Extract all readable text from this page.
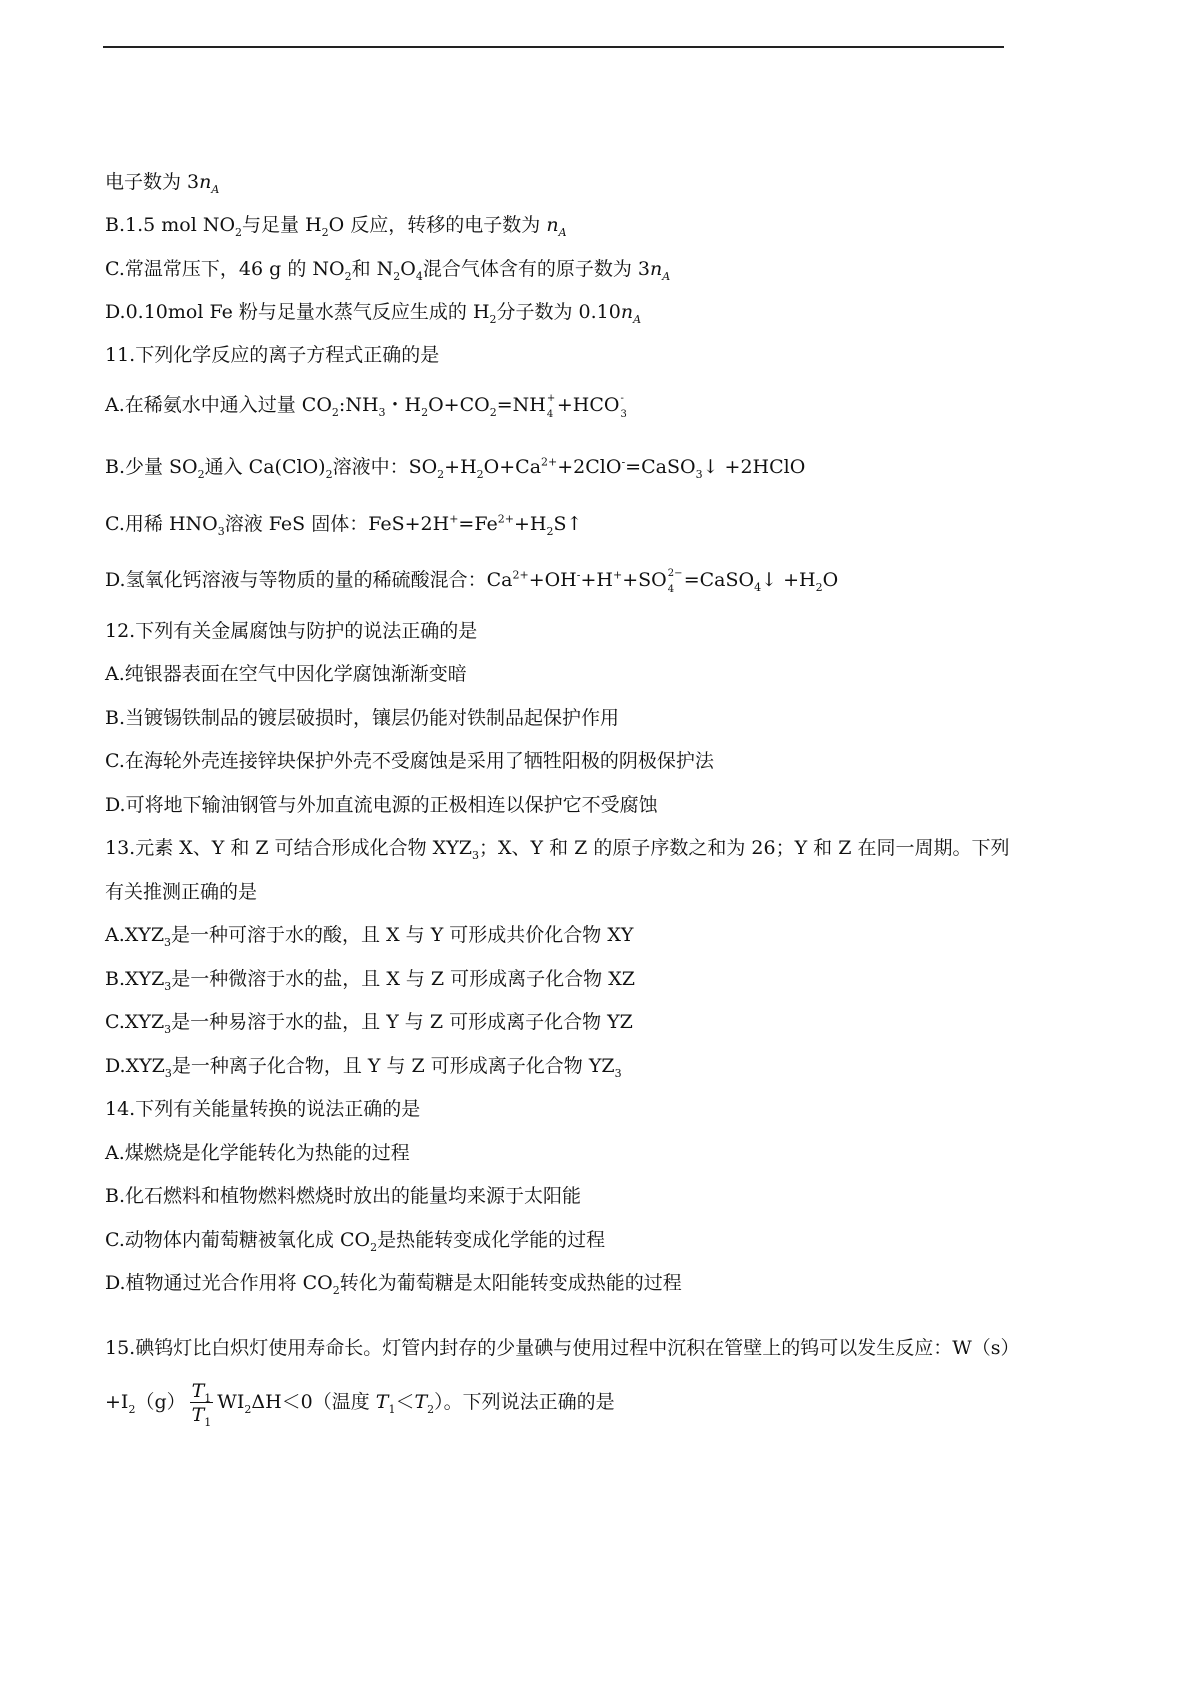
电子数为 $3n_A$
B.1.5 mol $NO_2$与足量 $H_2O$ 反应，转移的电子数为 $n_A$
C.常温常压下，46 g 的 $NO_2$和 $N_2O_4$混合气体含有的原子数为 $3n_A$
D.0.10mol Fe 粉与足量水蒸气反应生成的 $H_2$分子数为 $0.10n_A$
11.下列化学反应的离子方程式正确的是
A.在稀氨水中通入过量 $CO_2:NH_3$・$H_2O+CO_2=NH$ +
4 +HCO -
3
B.少量 $SO_2$通入 $Ca(ClO)_2$溶液中：$SO_2+H_2O+Ca^{2+}+2ClO^-=CaSO_3↓$ +2HClO
C.用稀 $HNO_3$溶液 FeS 固体：$FeS+2H^+=Fe^{2+}+H_2S↑$
D.氢氧化钙溶液与等物质的量的稀硫酸混合：$Ca^{2+}+OH^-+H^++SO$ 2−
4 =CaSO$_4$↓ $+H_2O$
12.下列有关金属腐蚀与防护的说法正确的是
A.纯银器表面在空气中因化学腐蚀渐渐变暗
B.当镀锡铁制品的镀层破损时，镶层仍能对铁制品起保护作用
C.在海轮外壳连接锌块保护外壳不受腐蚀是采用了牺牲阳极的阴极保护法
D.可将地下输油钢管与外加直流电源的正极相连以保护它不受腐蚀
13.元素 X、Y 和 Z 可结合形成化合物 $XYZ_3$；X、Y 和 Z 的原子序数之和为 26；Y 和 Z 在同一周期。下列
有关推测正确的是
$A.XYZ_3$是一种可溶于水的酸，且 X 与 Y 可形成共价化合物 XY
$B.XYZ_3$是一种微溶于水的盐，且 X 与 Z 可形成离子化合物 XZ
$C.XYZ_3$是一种易溶于水的盐，且 Y 与 Z 可形成离子化合物 YZ
$D.XYZ_3$是一种离子化合物，且 Y 与 Z 可形成离子化合物 $YZ_3$
14.下列有关能量转换的说法正确的是
A.煤燃烧是化学能转化为热能的过程
B.化石燃料和植物燃料燃烧时放出的能量均来源于太阳能
C.动物体内葡萄糖被氧化成 $CO_2$是热能转变成化学能的过程
D.植物通过光合作用将 $CO_2$转化为葡萄糖是太阳能转变成热能的过程
15.碘钨灯比白炽灯使用寿命长。灯管内封存的少量碘与使用过程中沉积在管壁上的钨可以发生反应：W（s）
$+I_2(g) \frac{T_1}{T_1} WI_2\Delta H<0$（温度 $T_1<T_2$）。下列说法正确的是
